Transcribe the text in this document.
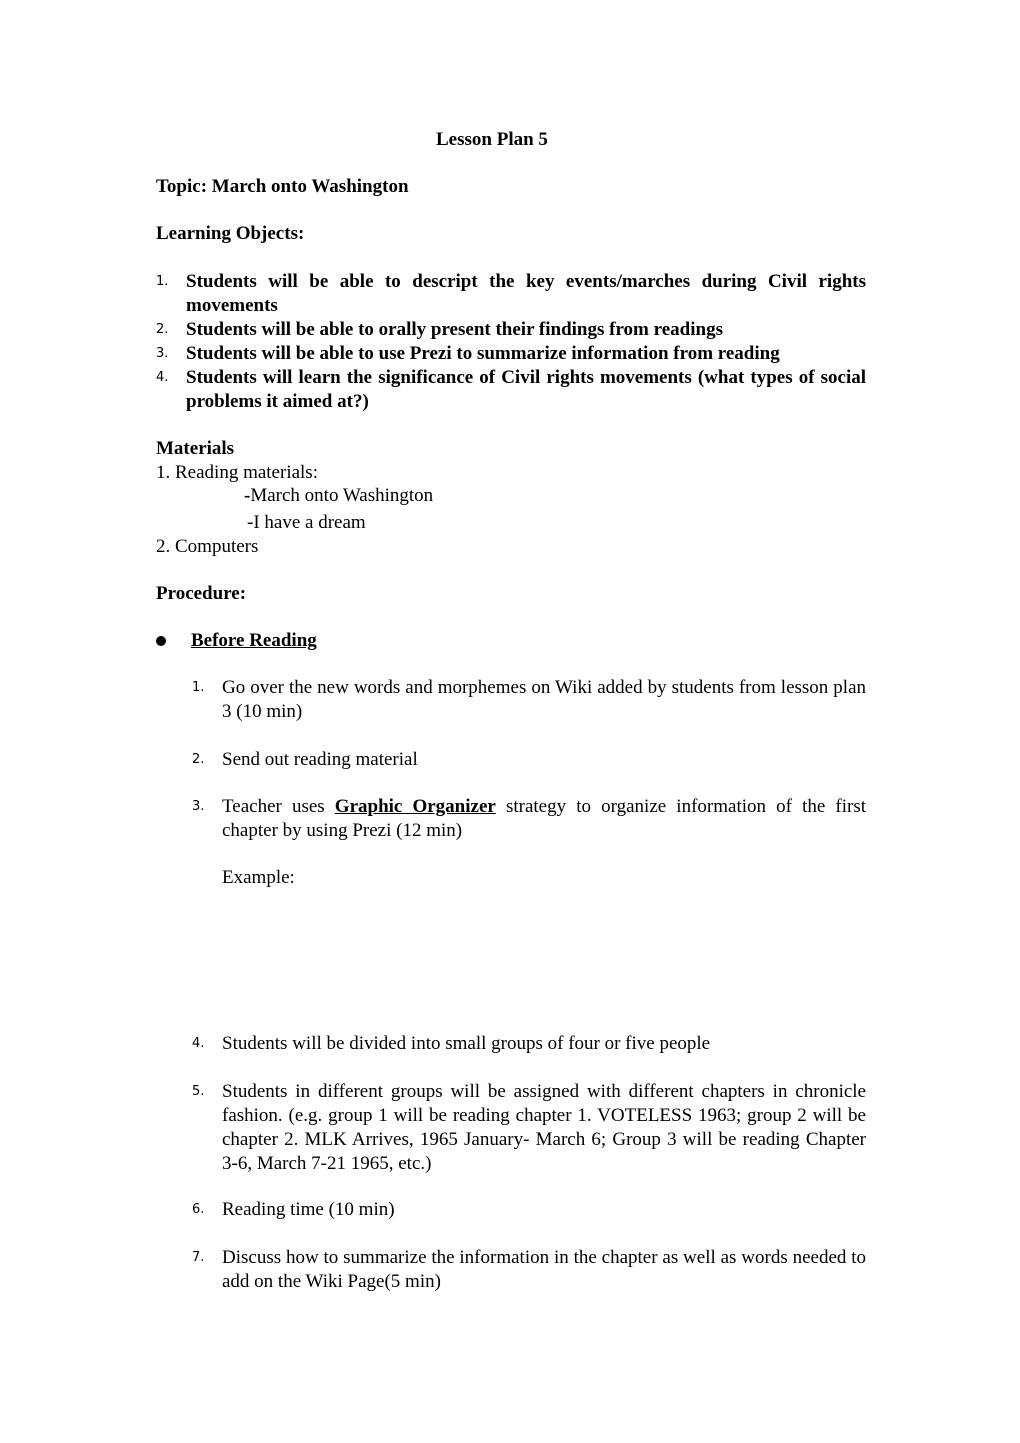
Lesson Plan 5
Topic: March onto Washington
Learning Objects:
1. Students will be able to descript the key events/marches during Civil rights movements
2. Students will be able to orally present their findings from readings
3. Students will be able to use Prezi to summarize information from reading
4. Students will learn the significance of Civil rights movements (what types of social problems it aimed at?)
Materials
1. Reading materials:
-March onto Washington
-I have a dream
2. Computers
Procedure:
Before Reading
1. Go over the new words and morphemes on Wiki added by students from lesson plan 3 (10 min)
2. Send out reading material
3. Teacher uses Graphic Organizer strategy to organize information of the first chapter by using Prezi (12 min)
Example:
4. Students will be divided into small groups of four or five people
5. Students in different groups will be assigned with different chapters in chronicle fashion. (e.g. group 1 will be reading chapter 1. VOTELESS 1963; group 2 will be chapter 2. MLK Arrives, 1965 January- March 6; Group 3 will be reading Chapter 3-6, March 7-21 1965, etc.)
6. Reading time (10 min)
7. Discuss how to summarize the information in the chapter as well as words needed to add on the Wiki Page(5 min)
